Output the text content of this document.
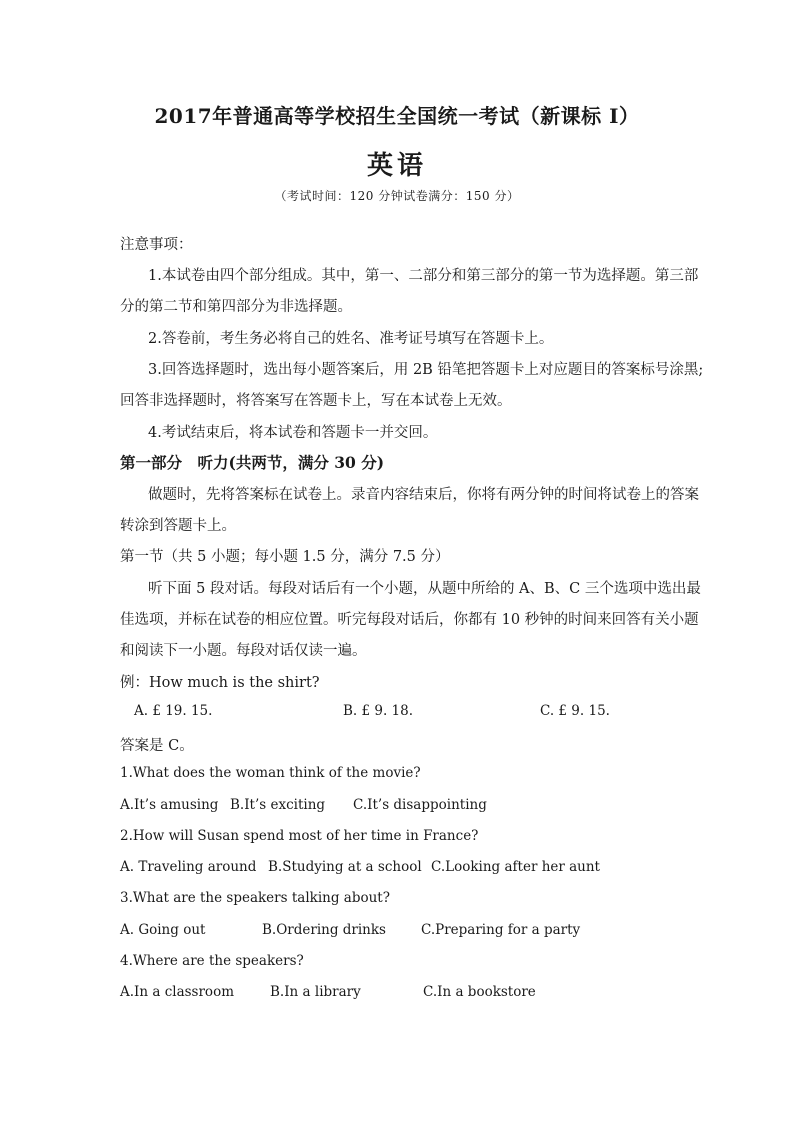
2017年普通高等学校招生全国统一考试（新课标 I）
英语
（考试时间：120 分钟试卷满分：150 分）
注意事项：
1.本试卷由四个部分组成。其中，第一、二部分和第三部分的第一节为选择题。第三部
分的第二节和第四部分为非选择题。
2.答卷前，考生务必将自己的姓名、准考证号填写在答题卡上。
3.回答选择题时，选出每小题答案后，用 2B 铅笔把答题卡上对应题目的答案标号涂黑;
回答非选择题时，将答案写在答题卡上，写在本试卷上无效。
4.考试结束后，将本试卷和答题卡一并交回。
第一部分　听力(共两节，满分 30 分)
做题时，先将答案标在试卷上。录音内容结束后，你将有两分钟的时间将试卷上的答案
转涂到答题卡上。
第一节（共 5 小题；每小题 1.5 分，满分 7.5 分）
听下面 5 段对话。每段对话后有一个小题，从题中所给的 A、B、C 三个选项中选出最
佳选项，并标在试卷的相应位置。听完每段对话后，你都有 10 秒钟的时间来回答有关小题
和阅读下一小题。每段对话仅读一遍。
例：How much is the shirt?
A. £ 19. 15.	B. £ 9. 18.	C. £ 9. 15.
答案是 C。
1.What does the woman think of the movie?
A.It’s amusing B.It’s exciting C.It’s disappointing
2.How will Susan spend most of her time in France?
A. Traveling around B.Studying at a school C.Looking after her aunt
3.What are the speakers talking about?
A. Going out	B.Ordering drinks	C.Preparing for a party
4.Where are the speakers?
A.In a classroom	B.In a library	C.In a bookstore
